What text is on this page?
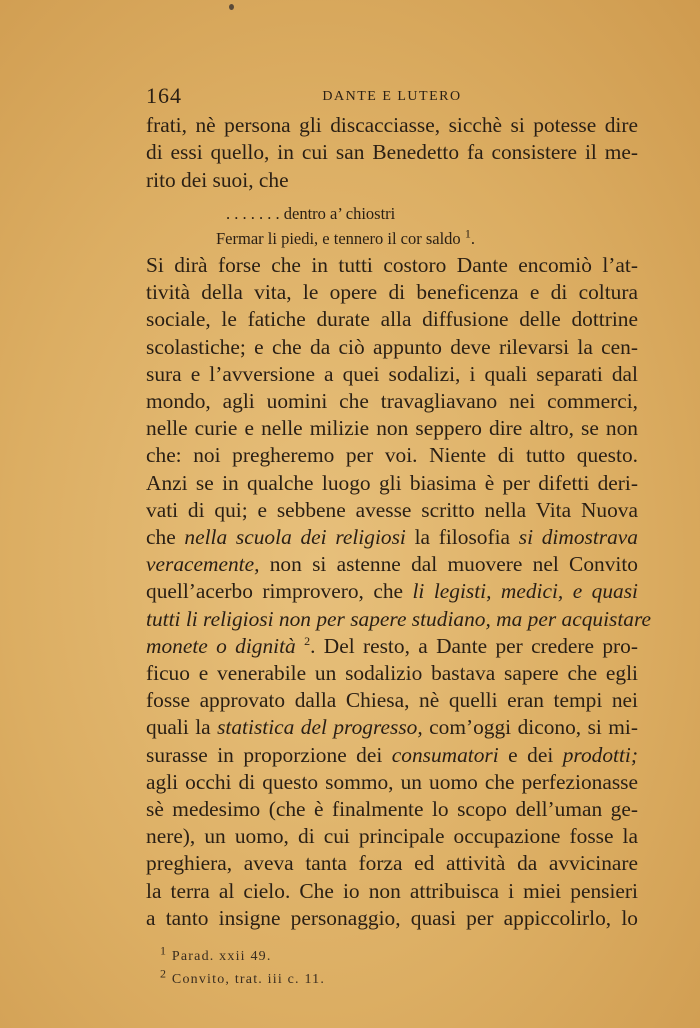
164	DANTE E LUTERO
frati, nè persona gli discacciasse, sicchè si potesse dire
di essi quello, in cui san Benedetto fa consistere il me-
rito dei suoi, che
. . . . . . . dentro a’ chiostri
Fermar li piedi, e tennero il cor saldo $^1$.
Si dirà forse che in tutti costoro Dante encomiò l’at-
tività della vita, le opere di beneficenza e di coltura
sociale, le fatiche durate alla diffusione delle dottrine
scolastiche; e che da ciò appunto deve rilevarsi la cen-
sura e l’avversione a quei sodalizi, i quali separati dal
mondo, agli uomini che travagliavano nei commerci,
nelle curie e nelle milizie non seppero dire altro, se non
che: noi pregheremo per voi. Niente di tutto questo.
Anzi se in qualche luogo gli biasima è per difetti deri-
vati di qui; e sebbene avesse scritto nella Vita Nuova
che nella scuola dei religiosi la filosofia si dimostrava
veracemente, non si astenne dal muovere nel Convito
quell’acerbo rimprovero, che li legisti, medici, e quasi
tutti li religiosi non per sapere studiano, ma per acquistare
monete o dignità $^2$. Del resto, a Dante per credere pro-
ficuo e venerabile un sodalizio bastava sapere che egli
fosse approvato dalla Chiesa, nè quelli eran tempi nei
quali la statistica del progresso, com’oggi dicono, si mi-
surasse in proporzione dei consumatori e dei prodotti;
agli occhi di questo sommo, un uomo che perfezionasse
sè medesimo (che è finalmente lo scopo dell’uman ge-
nere), un uomo, di cui principale occupazione fosse la
preghiera, aveva tanta forza ed attività da avvicinare
la terra al cielo. Che io non attribuisca i miei pensieri
a tanto insigne personaggio, quasi per appiccolirlo, lo
1 Parad. xxii 49.
2 Convito, trat. iii c. 11.
